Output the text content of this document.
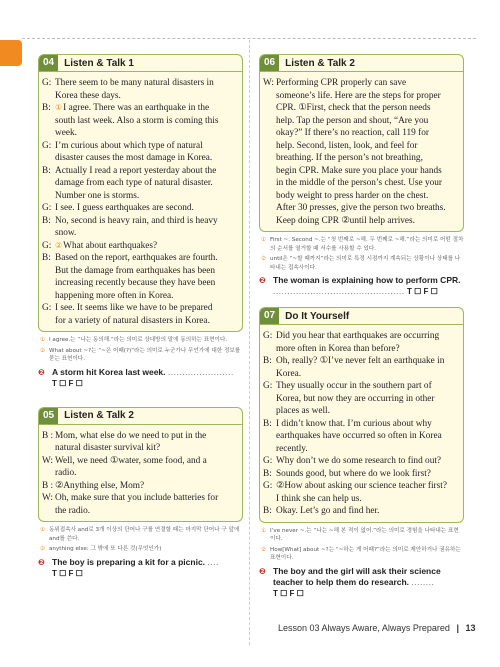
04	Listen & Talk 1
G: There seem to be many natural disasters in
Korea these days.
B: ①I agree. There was an earthquake in the
south last week. Also a storm is coming this
week.
G: I’m curious about which type of natural
disaster causes the most damage in Korea.
B: Actually I read a report yesterday about the
damage from each type of natural disaster.
Number one is storms.
G: I see. I guess earthquakes are second.
B: No, second is heavy rain, and third is heavy
snow.
G: ②What about earthquakes?
B: Based on the report, earthquakes are fourth.
But the damage from earthquakes has been
increasing recently because they have been
happening more often in Korea.
G: I see. It seems like we have to be prepared
for a variety of natural disasters in Korea.
① I agree.는 “나는 동의해.”라는 의미로 상대방의 말에 동의하는 표현이다.
② What about ~?는 “~은 어때(?)”라는 의미로 누군가나 무언가에 대한 정보를 묻는 표현이다.
❷ A storm hit Korea last week. ....................... T ☐ F ☐
05	Listen & Talk 2
B : Mom, what else do we need to put in the
natural disaster survival kit?
W: Well, we need ①water, some food, and a
radio.
B : ②Anything else, Mom?
W: Oh, make sure that you include batteries for
the radio.
① 동위접속사 and로 3개 이상의 단어나 구를 연결할 때는 마지막 단어나 구 앞에 and를 쓴다.
② anything else: 그 밖에 또 다른 것(무엇인가)
❷ The boy is preparing a kit for a picnic. .... T ☐ F ☐
06	Listen & Talk 2
W: Performing CPR properly can save
someone’s life. Here are the steps for proper
CPR. ①First, check that the person needs
help. Tap the person and shout, “Are you
okay?” If there’s no reaction, call 119 for
help. Second, listen, look, and feel for
breathing. If the person’s not breathing,
begin CPR. Make sure you place your hands
in the middle of the person’s chest. Use your
body weight to press harder on the chest.
After 30 presses, give the person two breaths.
Keep doing CPR ②until help arrives.
① First ~. Second ~.는 “첫 번째로 ~해. 두 번째로 ~해.”라는 의미로 어떤 절차의 순서를 열거할 때 서수를 사용할 수 있다.
② until은 “~할 때까지”라는 의미로 특정 시점까지 계속되는 상황이나 상태를 나타내는 접속사이다.
❷ The woman is explaining how to perform CPR.
.............................................. T ☐ F ☐
07	Do It Yourself
G: Did you hear that earthquakes are occurring
more often in Korea than before?
B: Oh, really? ①I’ve never felt an earthquake in
Korea.
G: They usually occur in the southern part of
Korea, but now they are occurring in other
places as well.
B: I didn’t know that. I’m curious about why
earthquakes have occurred so often in Korea
recently.
G: Why don’t we do some research to find out?
B: Sounds good, but where do we look first?
G: ②How about asking our science teacher first?
I think she can help us.
B: Okay. Let’s go and find her.
① I’ve never ~.는 “나는 ~해 본 적이 없어.”라는 의미로 경험을 나타내는 표현이다.
② How[What] about ~?는 “~하는 게 어때?”라는 의미로 제안하거나 권유하는 표현이다.
❷ The boy and the girl will ask their science teacher to help them do research. ........ T ☐ F ☐
Lesson 03 Always Aware, Always Prepared | 13
